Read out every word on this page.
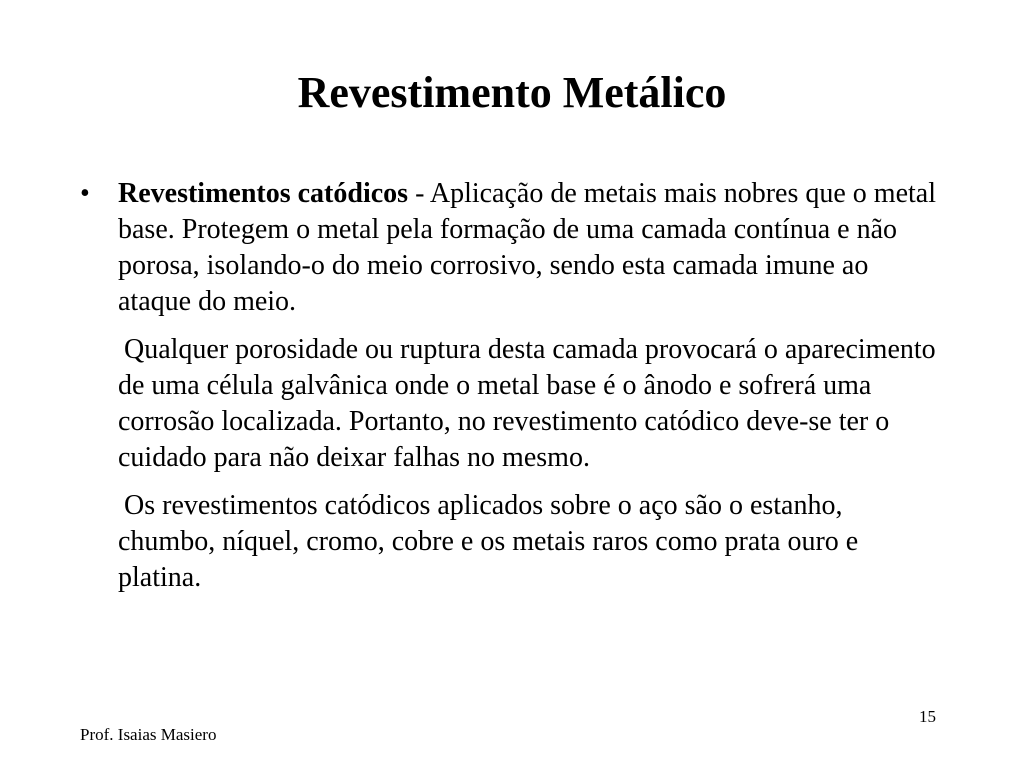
Revestimento Metálico
• Revestimentos catódicos - Aplicação de metais mais nobres que o metal base. Protegem o metal pela formação de uma camada contínua e não porosa, isolando-o do meio corrosivo, sendo esta camada imune ao ataque do meio.
Qualquer porosidade ou ruptura desta camada provocará o aparecimento de uma célula galvânica onde o metal base é o ânodo e sofrerá uma corrosão localizada. Portanto, no revestimento catódico deve-se ter o cuidado para não deixar falhas no mesmo.
Os revestimentos catódicos aplicados sobre o aço são o estanho, chumbo, níquel, cromo, cobre e os metais raros como prata ouro e platina.
15
Prof. Isaias Masiero
